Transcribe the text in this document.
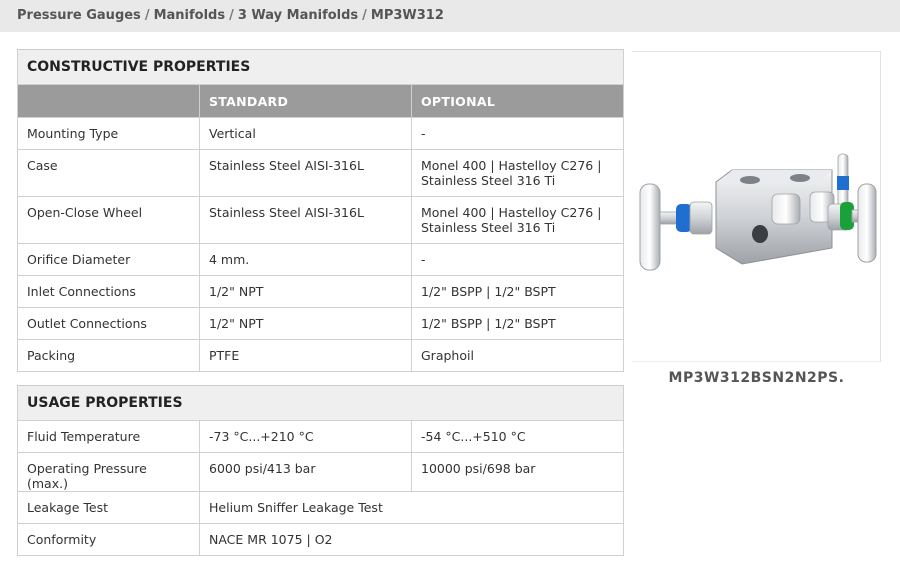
Pressure Gauges / Manifolds / 3 Way Manifolds / MP3W312
CONSTRUCTIVE PROPERTIES		
	STANDARD	OPTIONAL
Mounting Type	Vertical	-
Case	Stainless Steel AISI-316L	Monel 400 | Hastelloy C276 | Stainless Steel 316 Ti
Open-Close Wheel	Stainless Steel AISI-316L	Monel 400 | Hastelloy C276 | Stainless Steel 316 Ti
Orifice Diameter	4 mm.	-
Inlet Connections	1/2" NPT	1/2" BSPP | 1/2" BSPT
Outlet Connections	1/2" NPT	1/2" BSPP | 1/2" BSPT
Packing	PTFE	Graphoil
USAGE PROPERTIES		
Fluid Temperature	-73 °C...+210 °C	-54 °C...+510 °C
Operating Pressure (max.)	6000 psi/413 bar	10000 psi/698 bar
Leakage Test	Helium Sniffer Leakage Test	
Conformity	NACE MR 1075 | O2	
MP3W312BSN2N2PS.
